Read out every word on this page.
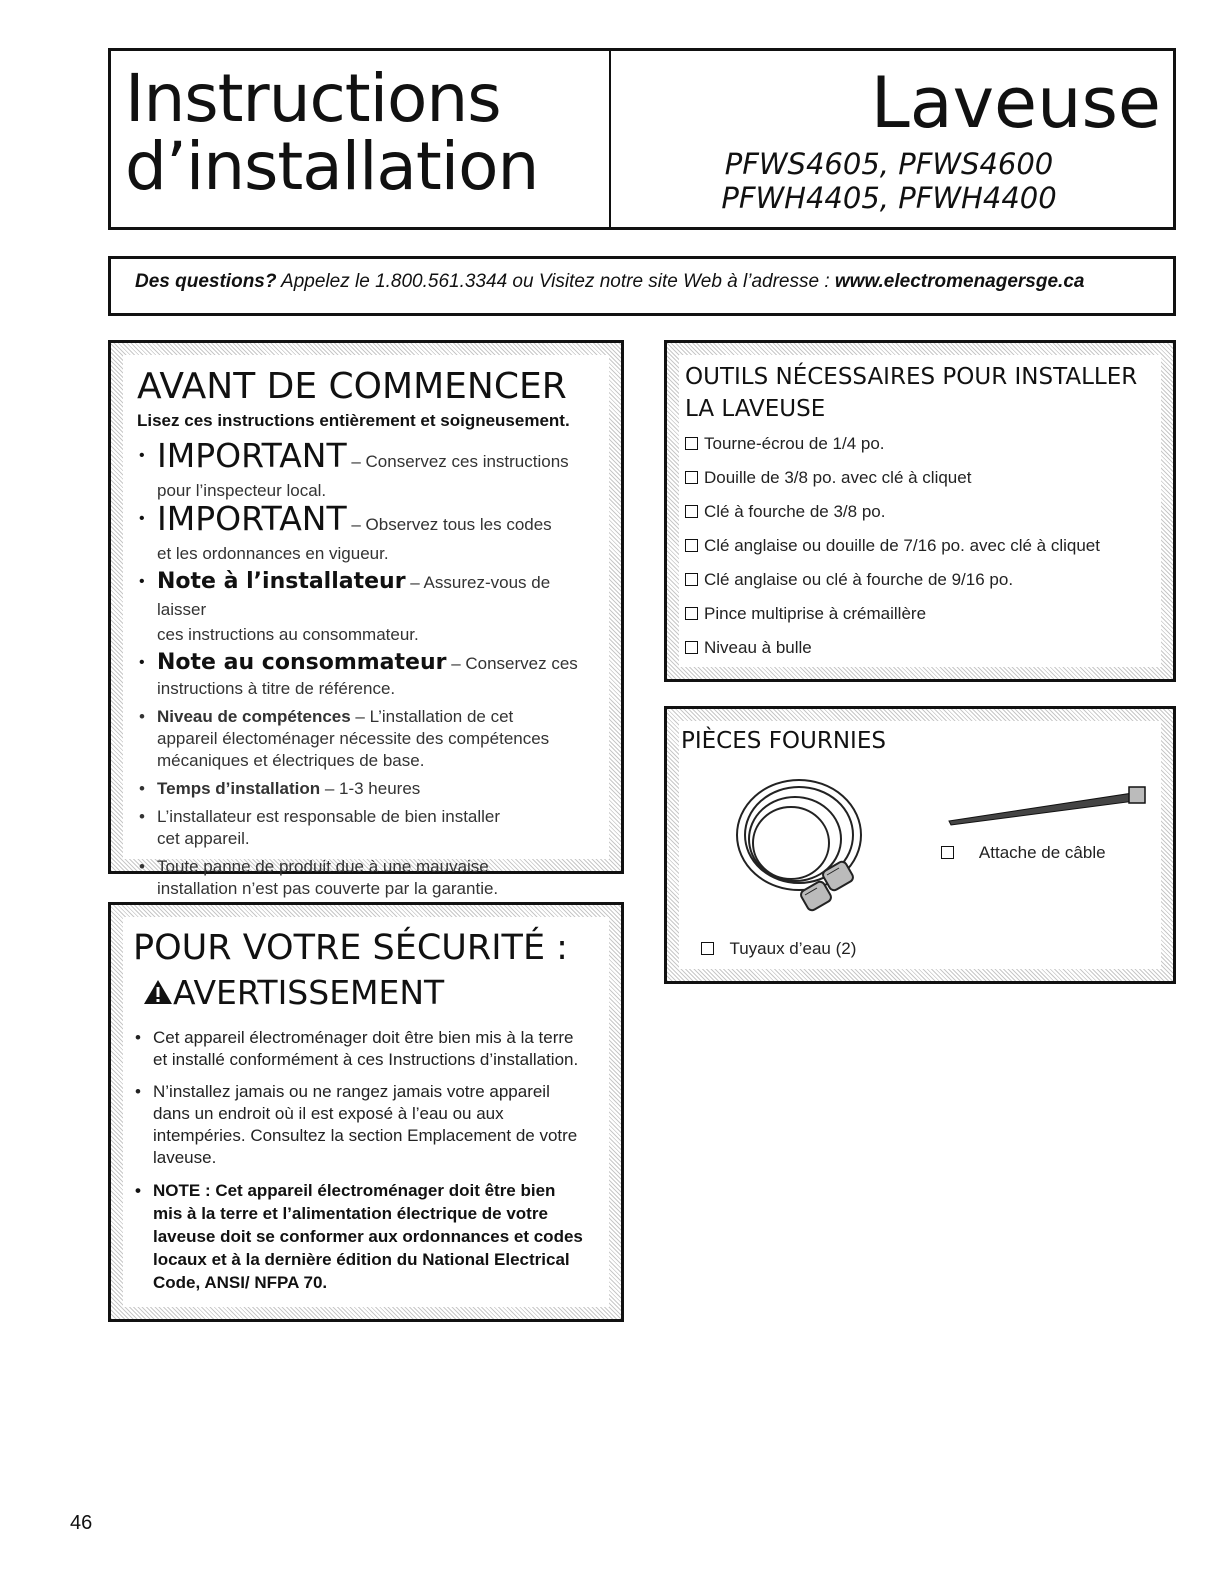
Instructions
d’installation
Laveuse
PFWS4605, PFWS4600
PFWH4405, PFWH4400
Des questions? Appelez le 1.800.561.3344 ou Visitez notre site Web à l’adresse : www.electromenagersge.ca
AVANT DE COMMENCER
Lisez ces instructions entièrement et soigneusement.
• IMPORTANT – Conservez ces instructions
pour l’inspecteur local.
• IMPORTANT – Observez tous les codes
et les ordonnances en vigueur.
• Note à l’installateur – Assurez-vous de laisser
ces instructions au consommateur.
• Note au consommateur – Conservez ces
instructions à titre de référence.
• Niveau de compétences – L’installation de cet appareil électoménager nécessite des compétences mécaniques et électriques de base.
• Temps d’installation – 1-3 heures
• L’installateur est responsable de bien installer cet appareil.
• Toute panne de produit due à une mauvaise installation n’est pas couverte par la garantie.
OUTILS NÉCESSAIRES POUR INSTALLER
LA LAVEUSE
Tourne-écrou de 1/4 po.
Douille de 3/8 po. avec clé à cliquet
Clé à fourche de 3/8 po.
Clé anglaise ou douille de 7/16 po. avec clé à cliquet
Clé anglaise ou clé à fourche de 9/16 po.
Pince multiprise à crémaillère
Niveau à bulle
PIÈCES FOURNIES
Tuyaux d’eau (2)
Attache de câble
POUR VOTRE SÉCURITÉ :
AVERTISSEMENT
• Cet appareil électroménager doit être bien mis à la terre et installé conformément à ces Instructions d’installation.
• N’installez jamais ou ne rangez jamais votre appareil dans un endroit où il est exposé à l’eau ou aux intempéries. Consultez la section Emplacement de votre laveuse.
• NOTE : Cet appareil électroménager doit être bien mis à la terre et l’alimentation électrique de votre laveuse doit se conformer aux ordonnances et codes locaux et à la dernière édition du National Electrical Code, ANSI/ NFPA 70.
46
